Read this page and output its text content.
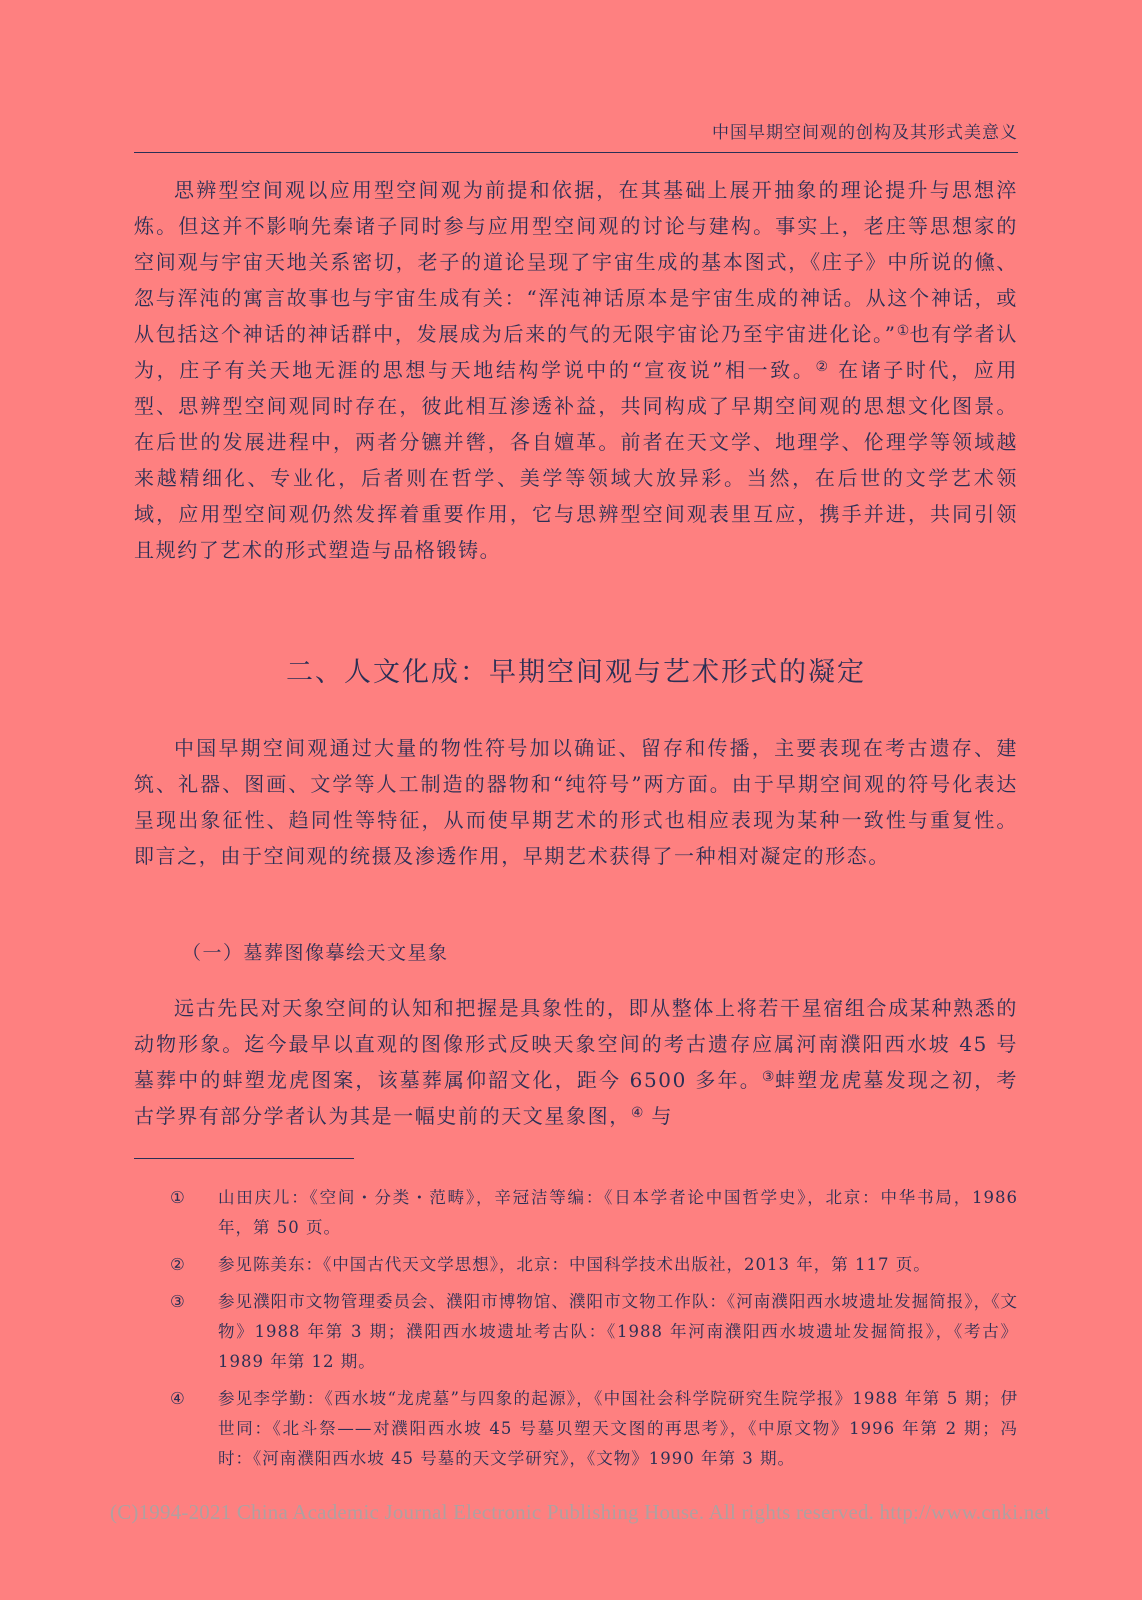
中国早期空间观的创构及其形式美意义

思辨型空间观以应用型空间观为前提和依据，在其基础上展开抽象的理论提升与思想淬炼。但这并不影响先秦诸子同时参与应用型空间观的讨论与建构。事实上，老庄等思想家的空间观与宇宙天地关系密切，老子的道论呈现了宇宙生成的基本图式，《庄子》中所说的儵、忽与浑沌的寓言故事也与宇宙生成有关：“浑沌神话原本是宇宙生成的神话。从这个神话，或从包括这个神话的神话群中，发展成为后来的气的无限宇宙论乃至宇宙进化论。”①也有学者认为，庄子有关天地无涯的思想与天地结构学说中的“宣夜说”相一致。② 在诸子时代，应用型、思辨型空间观同时存在，彼此相互渗透补益，共同构成了早期空间观的思想文化图景。在后世的发展进程中，两者分镳并辔，各自嬗革。前者在天文学、地理学、伦理学等领域越来越精细化、专业化，后者则在哲学、美学等领域大放异彩。当然，在后世的文学艺术领域，应用型空间观仍然发挥着重要作用，它与思辨型空间观表里互应，携手并进，共同引领且规约了艺术的形式塑造与品格锻铸。

二、人文化成：早期空间观与艺术形式的凝定

中国早期空间观通过大量的物性符号加以确证、留存和传播，主要表现在考古遗存、建筑、礼器、图画、文学等人工制造的器物和“纯符号”两方面。由于早期空间观的符号化表达呈现出象征性、趋同性等特征，从而使早期艺术的形式也相应表现为某种一致性与重复性。即言之，由于空间观的统摄及渗透作用，早期艺术获得了一种相对凝定的形态。

（一）墓葬图像摹绘天文星象

远古先民对天象空间的认知和把握是具象性的，即从整体上将若干星宿组合成某种熟悉的动物形象。迄今最早以直观的图像形式反映天象空间的考古遗存应属河南濮阳西水坡 45 号墓葬中的蚌塑龙虎图案，该墓葬属仰韶文化，距今 6500 多年。③蚌塑龙虎墓发现之初，考古学界有部分学者认为其是一幅史前的天文星象图，④ 与

① 山田庆儿：《空间・分类・范畴》，辛冠洁等编：《日本学者论中国哲学史》，北京：中华书局，1986 年，第 50 页。
② 参见陈美东：《中国古代天文学思想》，北京：中国科学技术出版社，2013 年，第 117 页。
③ 参见濮阳市文物管理委员会、濮阳市博物馆、濮阳市文物工作队：《河南濮阳西水坡遗址发掘简报》，《文物》1988 年第 3 期；濮阳西水坡遗址考古队：《1988 年河南濮阳西水坡遗址发掘简报》，《考古》1989 年第 12 期。
④ 参见李学勤：《西水坡“龙虎墓”与四象的起源》，《中国社会科学院研究生院学报》1988 年第 5 期；伊世同：《北斗祭——对濮阳西水坡 45 号墓贝塑天文图的再思考》，《中原文物》1996 年第 2 期；冯时：《河南濮阳西水坡 45 号墓的天文学研究》，《文物》1990 年第 3 期。
(C)1994-2021 China Academic Journal Electronic Publishing House. All rights reserved. http://www.cnki.net
